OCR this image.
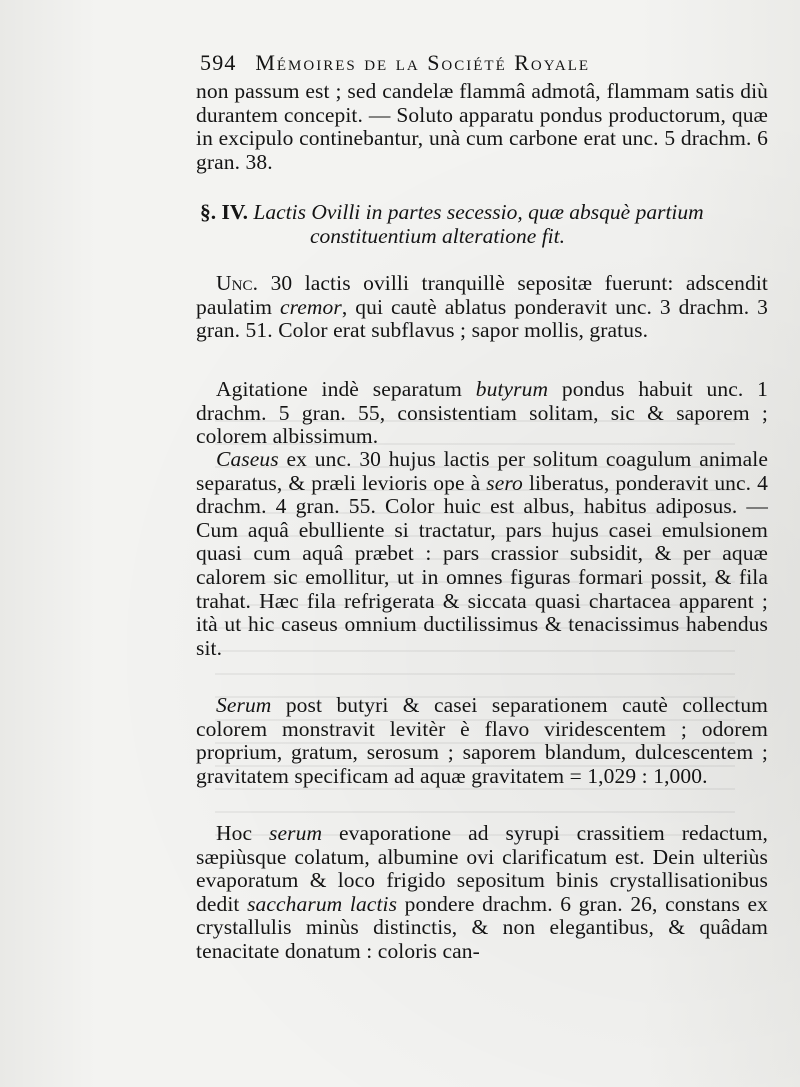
594 Mémoires de la Société Royale

non passum est ; sed candelæ flammâ admotâ, flammam satis diù durantem concepit. — Soluto apparatu pondus productorum, quæ in excipulo continebantur, unà cum carbone erat unc. 5 drachm. 6 gran. 38.

§. IV. Lactis Ovilli in partes secessio, quæ absquè partium
constituentium alteratione fit.

Unc. 30 lactis ovilli tranquillè sepositæ fuerunt: adscendit paulatim cremor, qui cautè ablatus ponderavit unc. 3 drachm. 3 gran. 51. Color erat subflavus ; sapor mollis, gratus.

Agitatione indè separatum butyrum pondus habuit unc. 1 drachm. 5 gran. 55, consistentiam solitam, sic & saporem ; colorem albissimum.

Caseus ex unc. 30 hujus lactis per solitum coagulum animale separatus, & præli levioris ope à sero liberatus, ponderavit unc. 4 drachm. 4 gran. 55. Color huic est albus, habitus adiposus. — Cum aquâ ebulliente si tractatur, pars hujus casei emulsionem quasi cum aquâ præbet : pars crassior subsidit, & per aquæ calorem sic emollitur, ut in omnes figuras formari possit, & fila trahat. Hæc fila refrigerata & siccata quasi chartacea apparent ; ità ut hic caseus omnium ductilissimus & tenacissimus habendus sit.

Serum post butyri & casei separationem cautè collectum colorem monstravit levitèr è flavo viridescentem ; odorem proprium, gratum, serosum ; saporem blandum, dulcescentem ; gravitatem specificam ad aquæ gravitatem = 1,029 : 1,000.

Hoc serum evaporatione ad syrupi crassitiem redactum, sæpiùsque colatum, albumine ovi clarificatum est. Dein ulteriùs evaporatum & loco frigido sepositum binis crystallisationibus dedit saccharum lactis pondere drachm. 6 gran. 26, constans ex crystallulis minùs distinctis, & non elegantibus, & quâdam tenacitate donatum : coloris can-
